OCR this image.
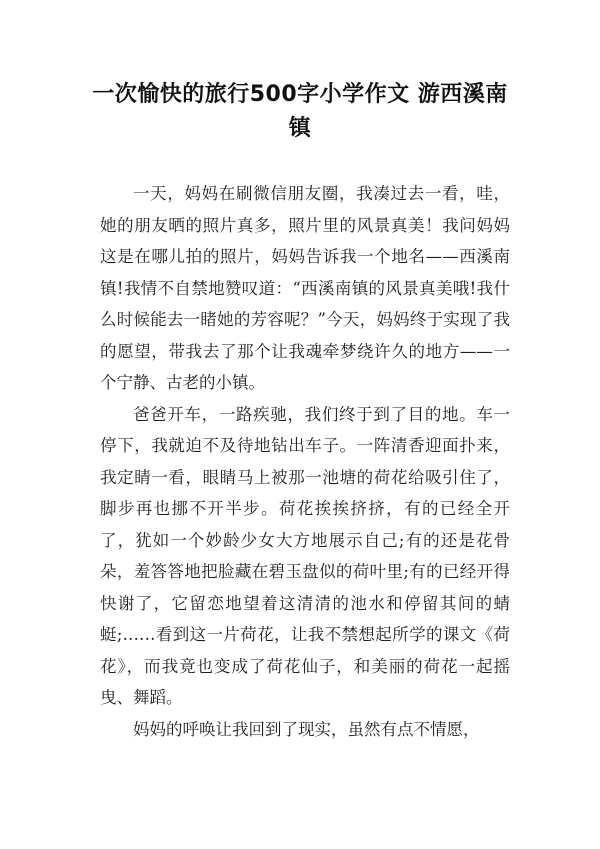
一次愉快的旅行500字小学作文 游西溪南镇

一天，妈妈在刷微信朋友圈，我凑过去一看，哇，她的朋友晒的照片真多，照片里的风景真美！我问妈妈这是在哪儿拍的照片，妈妈告诉我一个地名——西溪南镇!我情不自禁地赞叹道：“西溪南镇的风景真美哦!我什么时候能去一睹她的芳容呢？”今天，妈妈终于实现了我的愿望，带我去了那个让我魂牵梦绕许久的地方——一个宁静、古老的小镇。

爸爸开车，一路疾驰，我们终于到了目的地。车一停下，我就迫不及待地钻出车子。一阵清香迎面扑来，我定睛一看，眼睛马上被那一池塘的荷花给吸引住了，脚步再也挪不开半步。荷花挨挨挤挤，有的已经全开了，犹如一个妙龄少女大方地展示自己;有的还是花骨朵，羞答答地把脸藏在碧玉盘似的荷叶里;有的已经开得快谢了，它留恋地望着这清清的池水和停留其间的蜻蜓;……看到这一片荷花，让我不禁想起所学的课文《荷花》，而我竟也变成了荷花仙子，和美丽的荷花一起摇曳、舞蹈。

妈妈的呼唤让我回到了现实，虽然有点不情愿，
